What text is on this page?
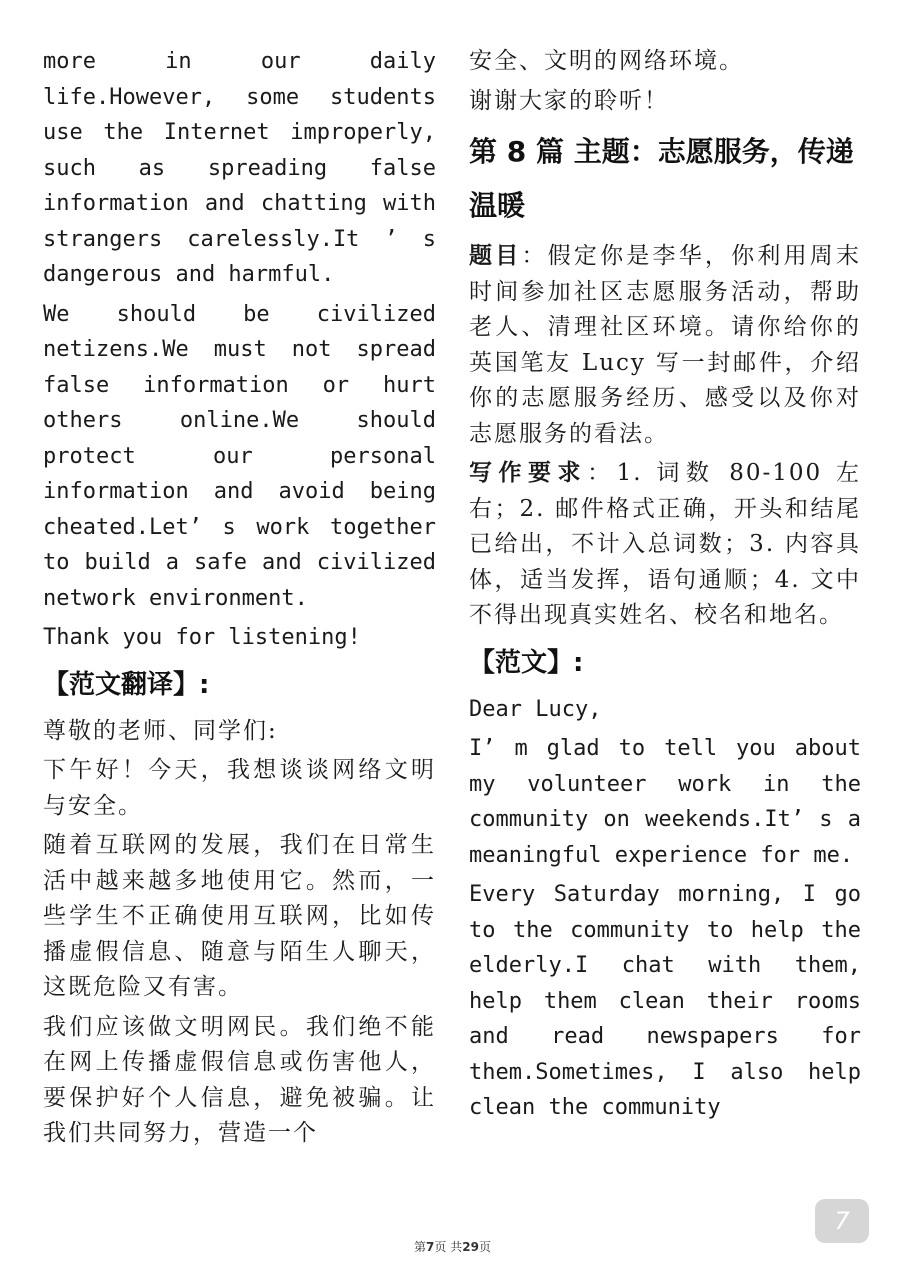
more in our daily life.However, some students use the Internet improperly, such as spreading false information and chatting with strangers carelessly.It ’ s dangerous and harmful.

We should be civilized netizens.We must not spread false information or hurt others online.We should protect our personal information and avoid being cheated.Let’ s work together to build a safe and civilized network environment.

Thank you for listening!

【范文翻译】:

尊敬的老师、同学们:

下午好！今天，我想谈谈网络文明与安全。

随着互联网的发展，我们在日常生活中越来越多地使用它。然而，一些学生不正确使用互联网，比如传播虚假信息、随意与陌生人聊天，这既危险又有害。

我们应该做文明网民。我们绝不能在网上传播虚假信息或伤害他人，要保护好个人信息，避免被骗。让我们共同努力，营造一个

安全、文明的网络环境。

谢谢大家的聆听！

第 8 篇 主题：志愿服务，传递温暖

题目：假定你是李华，你利用周末时间参加社区志愿服务活动，帮助老人、清理社区环境。请你给你的英国笔友 Lucy 写一封邮件，介绍你的志愿服务经历、感受以及你对志愿服务的看法。

写作要求：1. 词数 80-100 左右；2. 邮件格式正确，开头和结尾已给出，不计入总词数；3. 内容具体，适当发挥，语句通顺；4. 文中不得出现真实姓名、校名和地名。

【范文】:

Dear Lucy,

I’ m glad to tell you about my volunteer work in the community on weekends.It’ s a meaningful experience for me.

Every Saturday morning, I go to the community to help the elderly.I chat with them, help them clean their rooms and read newspapers for them.Sometimes, I also help clean the community

第7页 共29页
7
